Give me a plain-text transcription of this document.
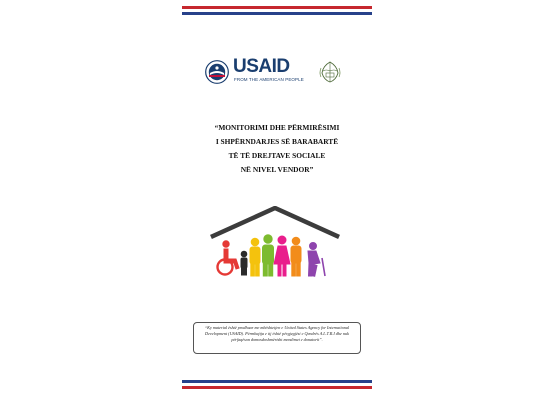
USAID
FROM THE AMERICAN PEOPLE
“MONITORIMI DHE PËRMIRËSIMI
I SHPËRNDARJES SË BARABARTË
TË TË DREJTAVE SOCIALE
NË NIVEL VENDOR”
“Ky material është prodhuar me mbështetjen e United States Agency for International Development (USAID). Përmbajtja e tij është përgjegjësi e Qendrës A.L.T.R.I dhe nuk përfaqëson domosdoshmërisht mendimet e donatorit”.
